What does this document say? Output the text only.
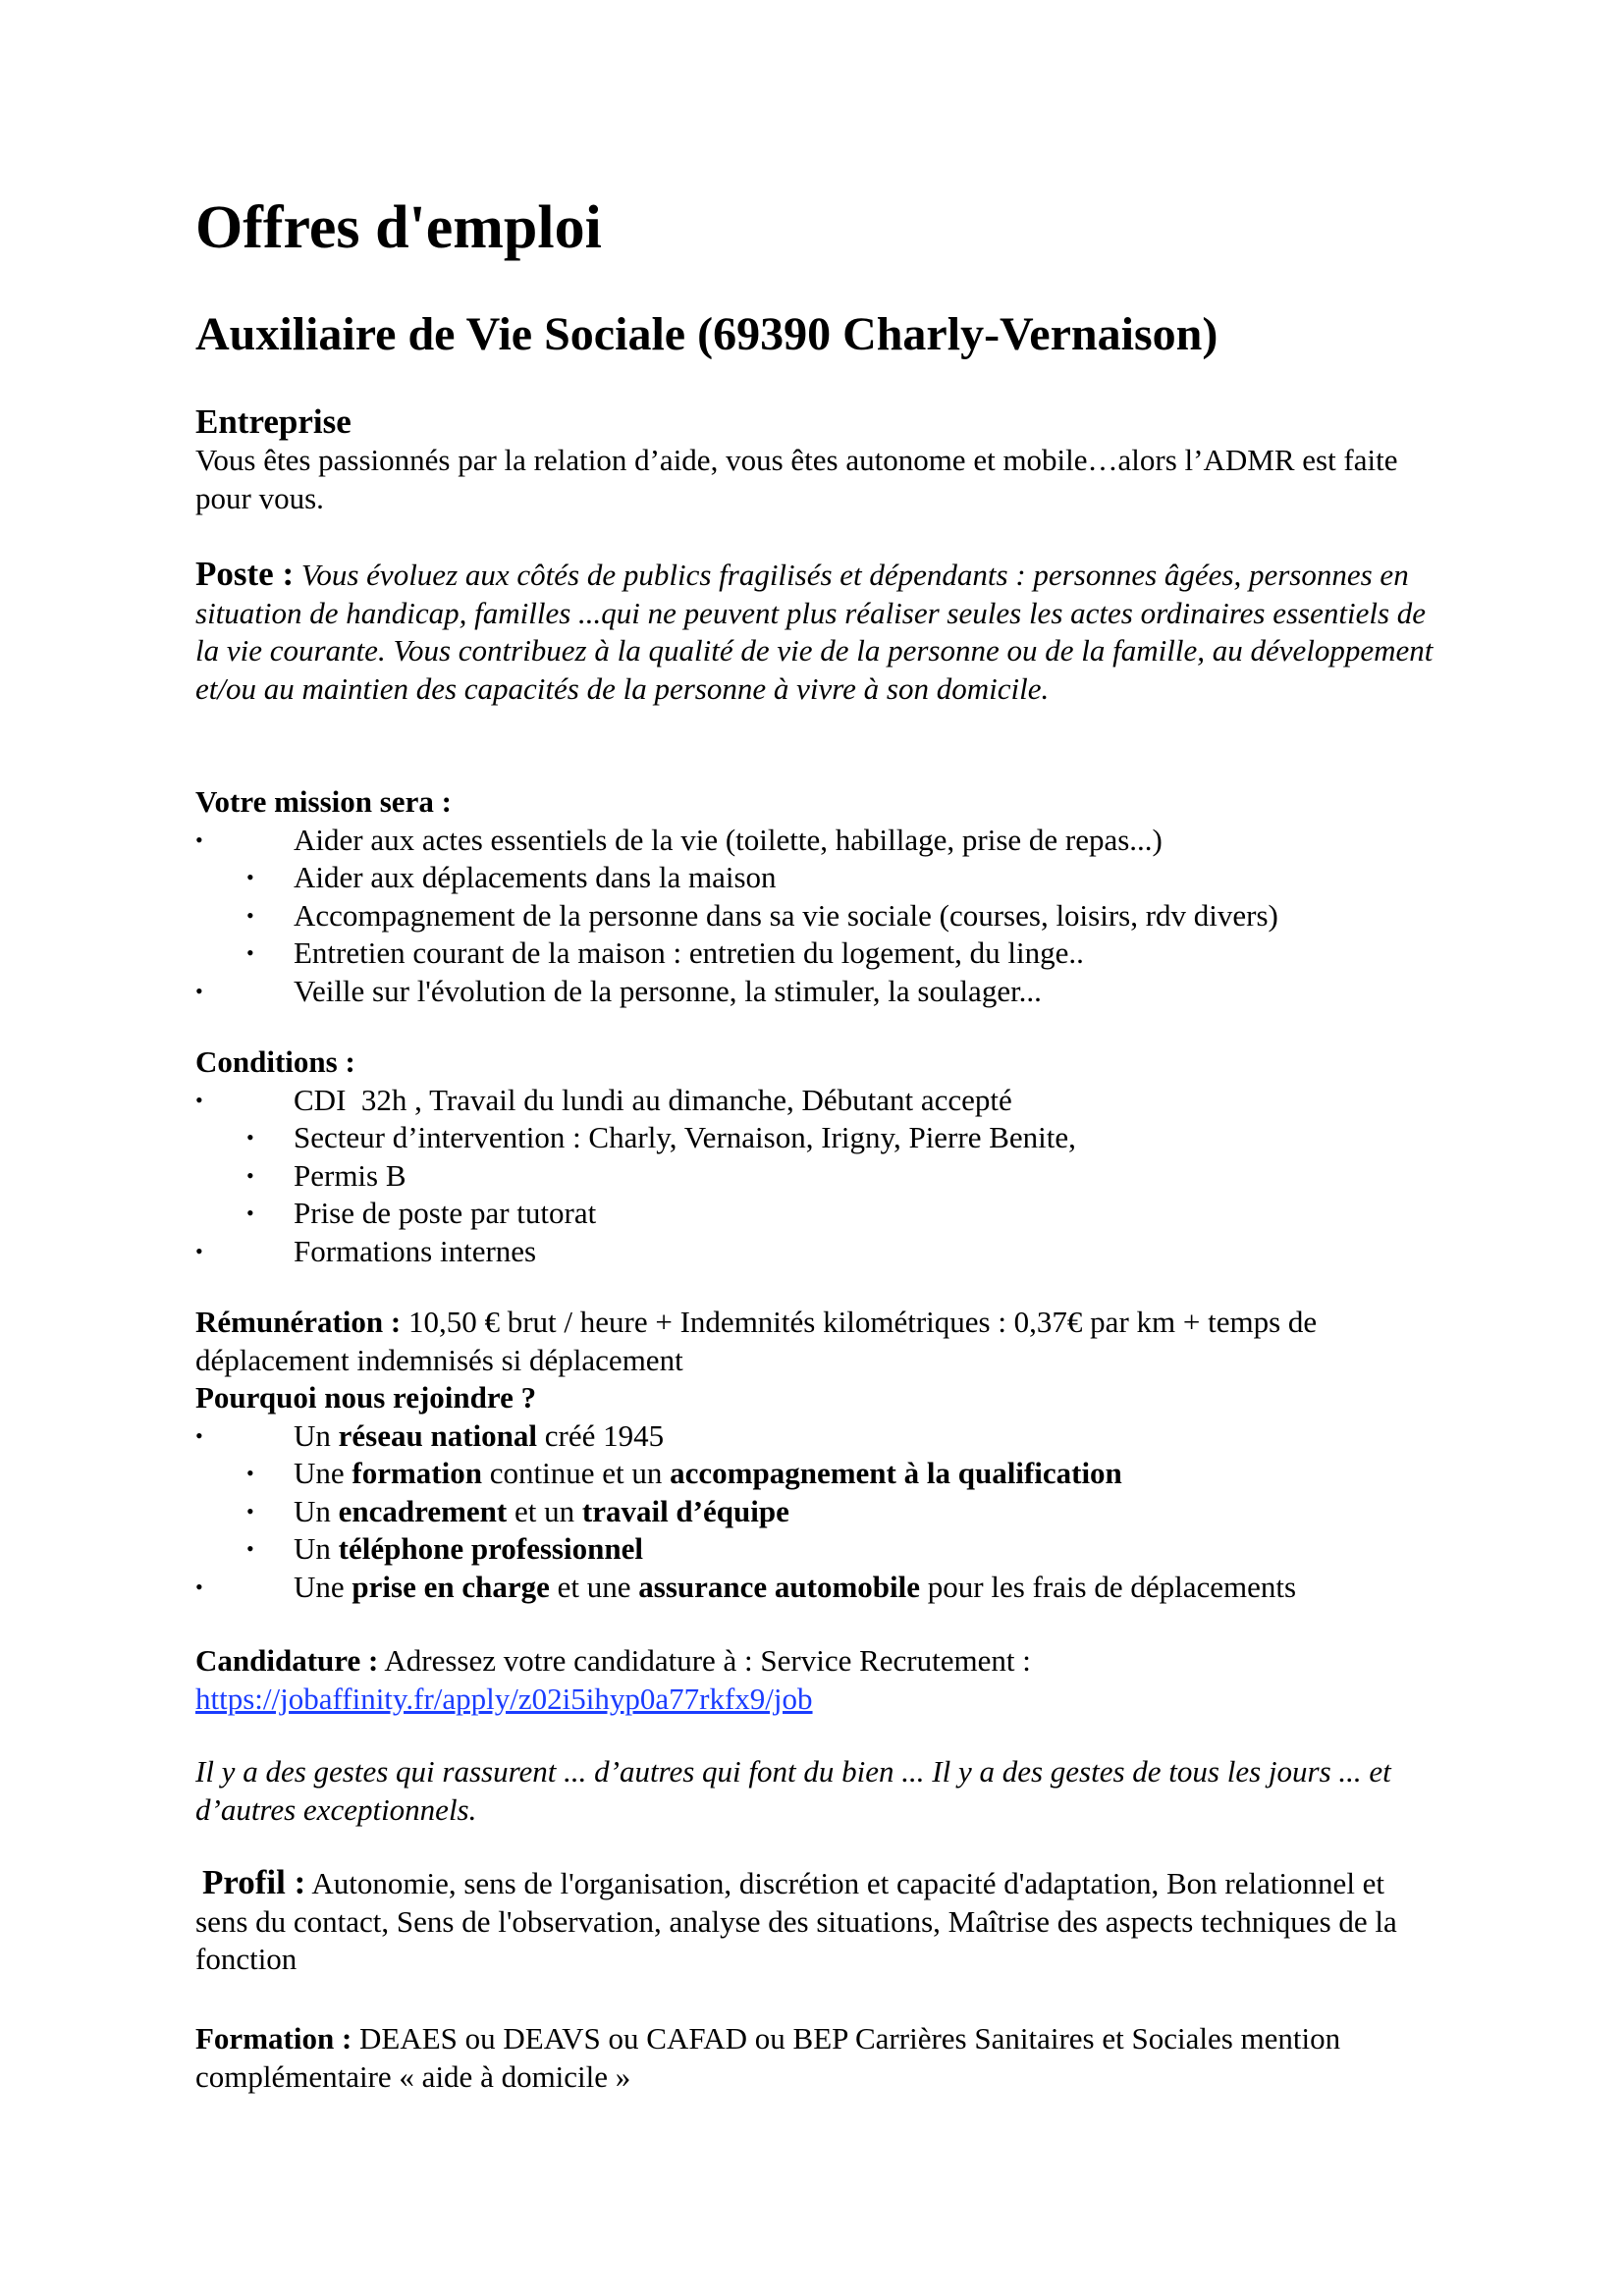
Offres d'emploi
Auxiliaire de Vie Sociale (69390 Charly-Vernaison)
Entreprise
Vous êtes passionnés par la relation d’aide, vous êtes autonome et mobile…alors l’ADMR est faite pour vous.
Poste : Vous évoluez aux côtés de publics fragilisés et dépendants : personnes âgées, personnes en situation de handicap, familles ...qui ne peuvent plus réaliser seules les actes ordinaires essentiels de la vie courante. Vous contribuez à la qualité de vie de la personne ou de la famille, au développement et/ou au maintien des capacités de la personne à vivre à son domicile.
Votre mission sera :
•	Aider aux actes essentiels de la vie (toilette, habillage, prise de repas...)
• Aider aux déplacements dans la maison
• Accompagnement de la personne dans sa vie sociale (courses, loisirs, rdv divers)
• Entretien courant de la maison : entretien du logement, du linge..
•	Veille sur l'évolution de la personne, la stimuler, la soulager...
Conditions :
•	CDI  32h , Travail du lundi au dimanche, Débutant accepté
• Secteur d’intervention : Charly, Vernaison, Irigny, Pierre Benite,
• Permis B
• Prise de poste par tutorat
•	Formations internes
Rémunération : 10,50 € brut / heure + Indemnités kilométriques : 0,37€ par km + temps de déplacement indemnisés si déplacement
Pourquoi nous rejoindre ?
•	Un réseau national créé 1945
• Une formation continue et un accompagnement à la qualification
• Un encadrement et un travail d’équipe
• Un téléphone professionnel
•	Une prise en charge et une assurance automobile pour les frais de déplacements
Candidature : Adressez votre candidature à : Service Recrutement :
https://jobaffinity.fr/apply/z02i5ihyp0a77rkfx9/job
Il y a des gestes qui rassurent ... d’autres qui font du bien ... Il y a des gestes de tous les jours ... et d’autres exceptionnels.
Profil : Autonomie, sens de l'organisation, discrétion et capacité d'adaptation, Bon relationnel et sens du contact, Sens de l'observation, analyse des situations, Maîtrise des aspects techniques de la fonction
Formation : DEAES ou DEAVS ou CAFAD ou BEP Carrières Sanitaires et Sociales mention complémentaire « aide à domicile »
